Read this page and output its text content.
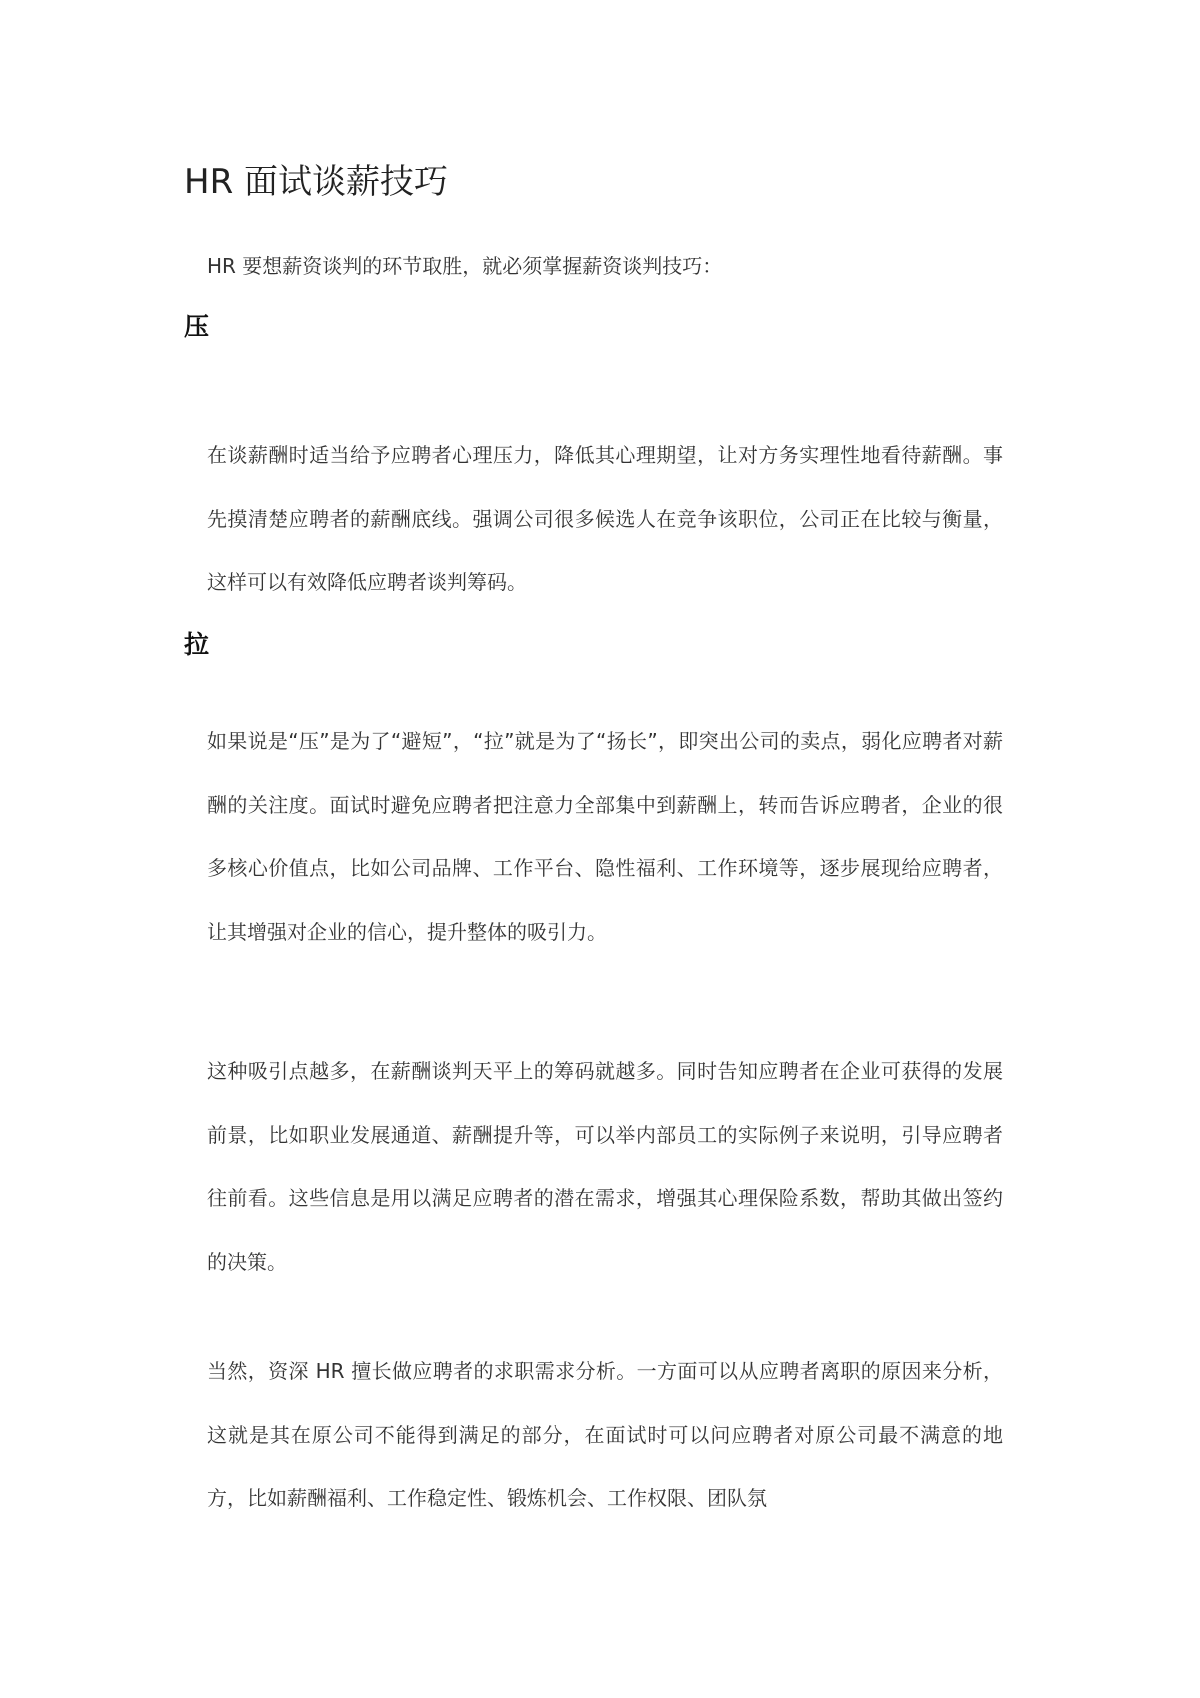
HR 面试谈薪技巧

HR 要想薪资谈判的环节取胜，就必须掌握薪资谈判技巧：

压

在谈薪酬时适当给予应聘者心理压力，降低其心理期望，让对方务实理性地看待薪酬。事先摸清楚应聘者的薪酬底线。强调公司很多候选人在竞争该职位，公司正在比较与衡量，这样可以有效降低应聘者谈判筹码。

拉

如果说是“压”是为了“避短”，“拉”就是为了“扬长”，即突出公司的卖点，弱化应聘者对薪酬的关注度。面试时避免应聘者把注意力全部集中到薪酬上，转而告诉应聘者，企业的很多核心价值点，比如公司品牌、工作平台、隐性福利、工作环境等，逐步展现给应聘者，让其增强对企业的信心，提升整体的吸引力。

这种吸引点越多，在薪酬谈判天平上的筹码就越多。同时告知应聘者在企业可获得的发展前景，比如职业发展通道、薪酬提升等，可以举内部员工的实际例子来说明，引导应聘者往前看。这些信息是用以满足应聘者的潜在需求，增强其心理保险系数，帮助其做出签约的决策。

当然，资深 HR 擅长做应聘者的求职需求分析。一方面可以从应聘者离职的原因来分析，这就是其在原公司不能得到满足的部分，在面试时可以问应聘者对原公司最不满意的地方，比如薪酬福利、工作稳定性、锻炼机会、工作权限、团队氛
